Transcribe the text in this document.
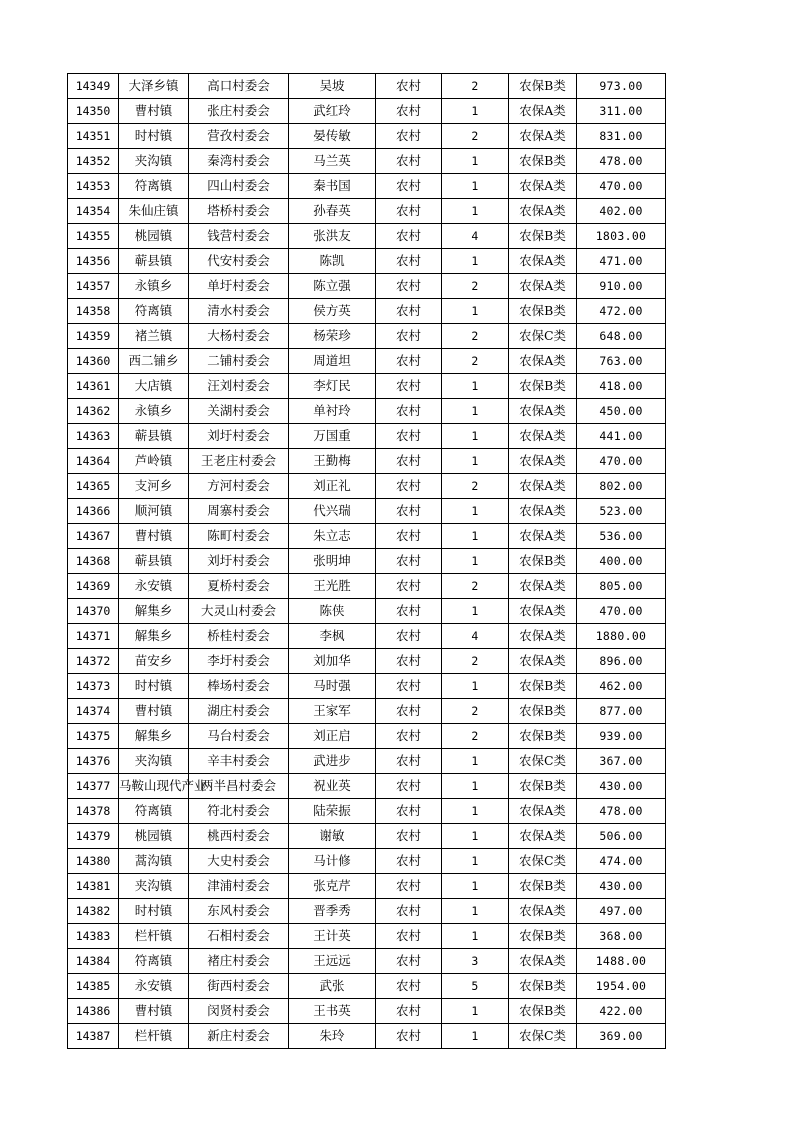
14349	大泽乡镇	高口村委会	吴坡	农村	2	农保B类	973.00
14350	曹村镇	张庄村委会	武红玲	农村	1	农保A类	311.00
14351	时村镇	营孜村委会	晏传敏	农村	2	农保A类	831.00
14352	夹沟镇	秦湾村委会	马兰英	农村	1	农保B类	478.00
14353	符离镇	四山村委会	秦书国	农村	1	农保A类	470.00
14354	朱仙庄镇	塔桥村委会	孙春英	农村	1	农保A类	402.00
14355	桃园镇	钱营村委会	张洪友	农村	4	农保B类	1803.00
14356	蕲县镇	代安村委会	陈凯	农村	1	农保A类	471.00
14357	永镇乡	单圩村委会	陈立强	农村	2	农保A类	910.00
14358	符离镇	清水村委会	侯方英	农村	1	农保B类	472.00
14359	褚兰镇	大杨村委会	杨荣珍	农村	2	农保C类	648.00
14360	西二铺乡	二铺村委会	周道坦	农村	2	农保A类	763.00
14361	大店镇	汪刘村委会	李灯民	农村	1	农保B类	418.00
14362	永镇乡	关湖村委会	单衬玲	农村	1	农保A类	450.00
14363	蕲县镇	刘圩村委会	万国重	农村	1	农保A类	441.00
14364	芦岭镇	王老庄村委会	王勤梅	农村	1	农保A类	470.00
14365	支河乡	方河村委会	刘正礼	农村	2	农保A类	802.00
14366	顺河镇	周寨村委会	代兴瑞	农村	1	农保A类	523.00
14367	曹村镇	陈町村委会	朱立志	农村	1	农保A类	536.00
14368	蕲县镇	刘圩村委会	张明坤	农村	1	农保B类	400.00
14369	永安镇	夏桥村委会	王光胜	农村	2	农保A类	805.00
14370	解集乡	大灵山村委会	陈侠	农村	1	农保A类	470.00
14371	解集乡	桥桂村委会	李枫	农村	4	农保A类	1880.00
14372	苗安乡	李圩村委会	刘加华	农村	2	农保A类	896.00
14373	时村镇	棒场村委会	马时强	农村	1	农保B类	462.00
14374	曹村镇	湖庄村委会	王家军	农村	2	农保B类	877.00
14375	解集乡	马台村委会	刘正启	农村	2	农保B类	939.00
14376	夹沟镇	辛丰村委会	武进步	农村	1	农保C类	367.00
14377	马鞍山现代产业	两半昌村委会	祝业英	农村	1	农保B类	430.00
14378	符离镇	符北村委会	陆荣振	农村	1	农保A类	478.00
14379	桃园镇	桃西村委会	谢敏	农村	1	农保A类	506.00
14380	蒿沟镇	大史村委会	马计修	农村	1	农保C类	474.00
14381	夹沟镇	津浦村委会	张克芹	农村	1	农保B类	430.00
14382	时村镇	东风村委会	晋季秀	农村	1	农保A类	497.00
14383	栏杆镇	石相村委会	王计英	农村	1	农保B类	368.00
14384	符离镇	褚庄村委会	王远远	农村	3	农保A类	1488.00
14385	永安镇	街西村委会	武张	农村	5	农保B类	1954.00
14386	曹村镇	闵贤村委会	王书英	农村	1	农保B类	422.00
14387	栏杆镇	新庄村委会	朱玲	农村	1	农保C类	369.00
